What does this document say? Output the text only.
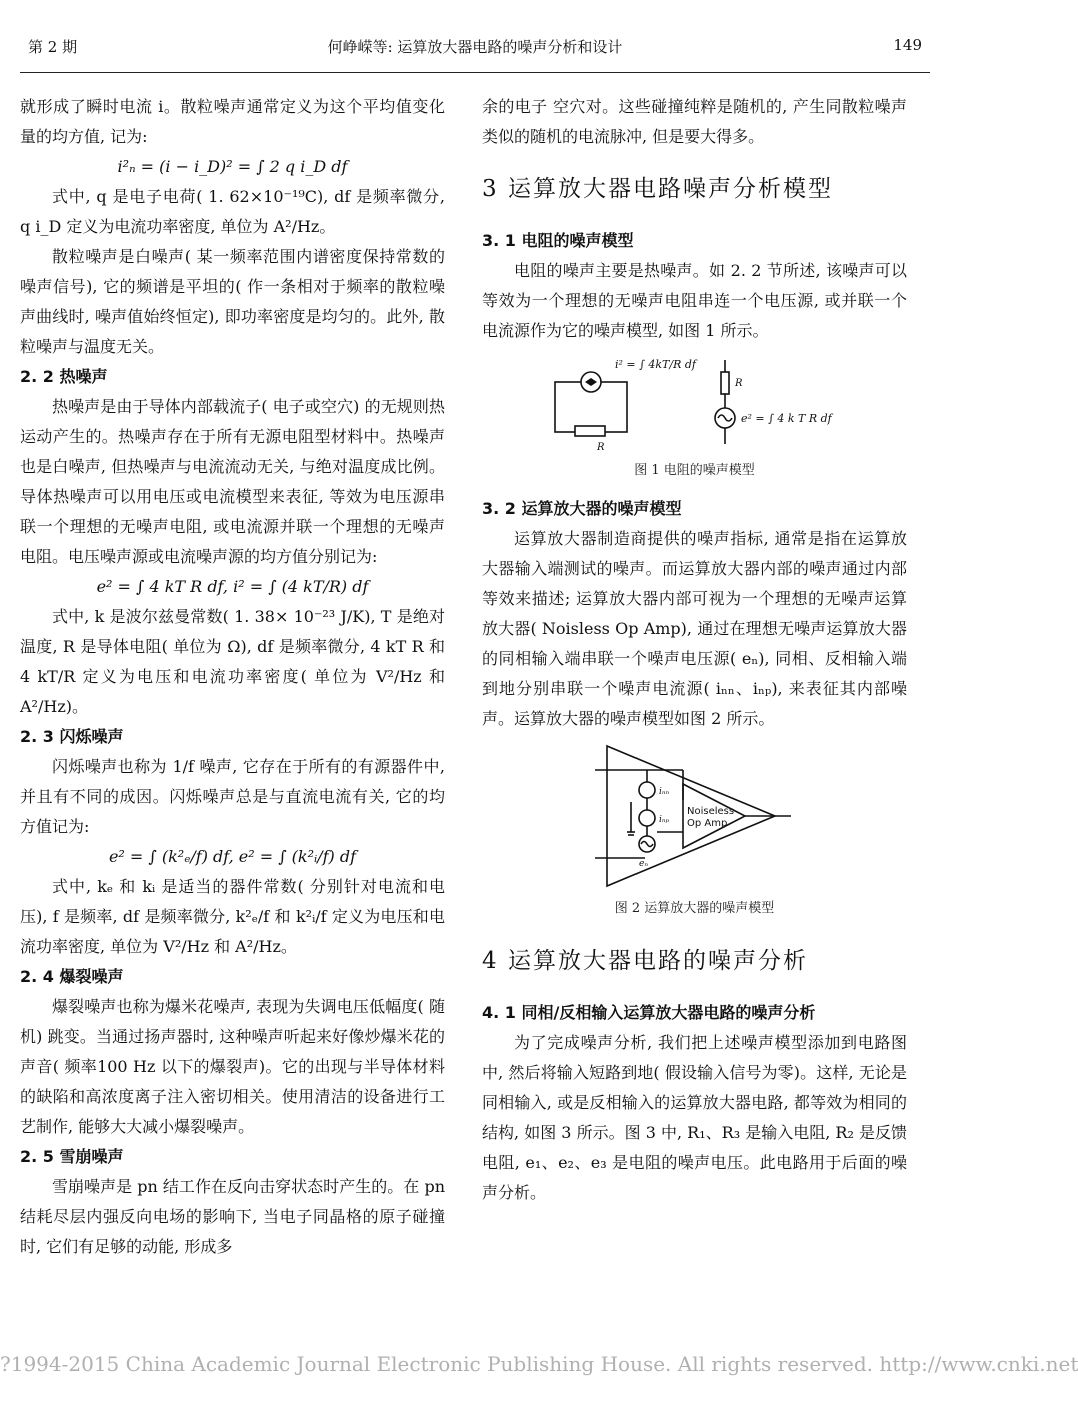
第 2 期	何峥嵘等: 运算放大器电路的噪声分析和设计	149

就形成了瞬时电流 i。散粒噪声通常定义为这个平均值变化量的均方值, 记为:

i²ₙ = (i − i_D)² = ∫ 2 q i_D df

式中, q 是电子电荷( 1. 62×10⁻¹⁹C), df 是频率微分, q i_D 定义为电流功率密度, 单位为 A²/Hz。

散粒噪声是白噪声( 某一频率范围内谱密度保持常数的噪声信号), 它的频谱是平坦的( 作一条相对于频率的散粒噪声曲线时, 噪声值始终恒定), 即功率密度是均匀的。此外, 散粒噪声与温度无关。

2. 2 热噪声

热噪声是由于导体内部载流子( 电子或空穴) 的无规则热运动产生的。热噪声存在于所有无源电阻型材料中。热噪声也是白噪声, 但热噪声与电流流动无关, 与绝对温度成比例。导体热噪声可以用电压或电流模型来表征, 等效为电压源串联一个理想的无噪声电阻, 或电流源并联一个理想的无噪声电阻。电压噪声源或电流噪声源的均方值分别记为:

e² = ∫ 4 kT R df, i² = ∫ (4 kT/R) df

式中, k 是波尔兹曼常数( 1. 38× 10⁻²³ J/K), T 是绝对温度, R 是导体电阻( 单位为 Ω), df 是频率微分, 4 kT R 和 4 kT/R 定义为电压和电流功率密度( 单位为 V²/Hz 和 A²/Hz)。

2. 3 闪烁噪声

闪烁噪声也称为 1/f 噪声, 它存在于所有的有源器件中, 并且有不同的成因。闪烁噪声总是与直流电流有关, 它的均方值记为:

e² = ∫ (k²ₑ/f) df, e² = ∫ (k²ᵢ/f) df

式中, kₑ 和 kᵢ 是适当的器件常数( 分别针对电流和电压), f 是频率, df 是频率微分, k²ₑ/f 和 k²ᵢ/f 定义为电压和电流功率密度, 单位为 V²/Hz 和 A²/Hz。

2. 4 爆裂噪声

爆裂噪声也称为爆米花噪声, 表现为失调电压低幅度( 随机) 跳变。当通过扬声器时, 这种噪声听起来好像炒爆米花的声音( 频率100 Hz 以下的爆裂声)。它的出现与半导体材料的缺陷和高浓度离子注入密切相关。使用清洁的设备进行工艺制作, 能够大大减小爆裂噪声。

2. 5 雪崩噪声

雪崩噪声是 pn 结工作在反向击穿状态时产生的。在 pn 结耗尽层内强反向电场的影响下, 当电子同晶格的原子碰撞时, 它们有足够的动能, 形成多

余的电子 空穴对。这些碰撞纯粹是随机的, 产生同散粒噪声类似的随机的电流脉冲, 但是要大得多。

3 运算放大器电路噪声分析模型

3. 1 电阻的噪声模型

电阻的噪声主要是热噪声。如 2. 2 节所述, 该噪声可以等效为一个理想的无噪声电阻串连一个电压源, 或并联一个电流源作为它的噪声模型, 如图 1 所示。

R
R
i² = ∫ 4kT/R df
e² = ∫ 4 k T R df

图 1 电阻的噪声模型

3. 2 运算放大器的噪声模型

运算放大器制造商提供的噪声指标, 通常是指在运算放大器输入端测试的噪声。而运算放大器内部的噪声通过内部等效来描述; 运算放大器内部可视为一个理想的无噪声运算放大器( Noisless Op Amp), 通过在理想无噪声运算放大器的同相输入端串联一个噪声电压源( eₙ), 同相、反相输入端到地分别串联一个噪声电流源( iₙₙ、iₙₚ), 来表征其内部噪声。运算放大器的噪声模型如图 2 所示。

Noiseless
Op Amp
iₙₙ
iₙₚ
eₙ

图 2 运算放大器的噪声模型

4 运算放大器电路的噪声分析

4. 1 同相/反相输入运算放大器电路的噪声分析

为了完成噪声分析, 我们把上述噪声模型添加到电路图中, 然后将输入短路到地( 假设输入信号为零)。这样, 无论是同相输入, 或是反相输入的运算放大器电路, 都等效为相同的结构, 如图 3 所示。图 3 中, R₁、R₃ 是输入电阻, R₂ 是反馈电阻, e₁、e₂、e₃ 是电阻的噪声电压。此电路用于后面的噪声分析。

?1994-2015 China Academic Journal Electronic Publishing House. All rights reserved. http://www.cnki.net
